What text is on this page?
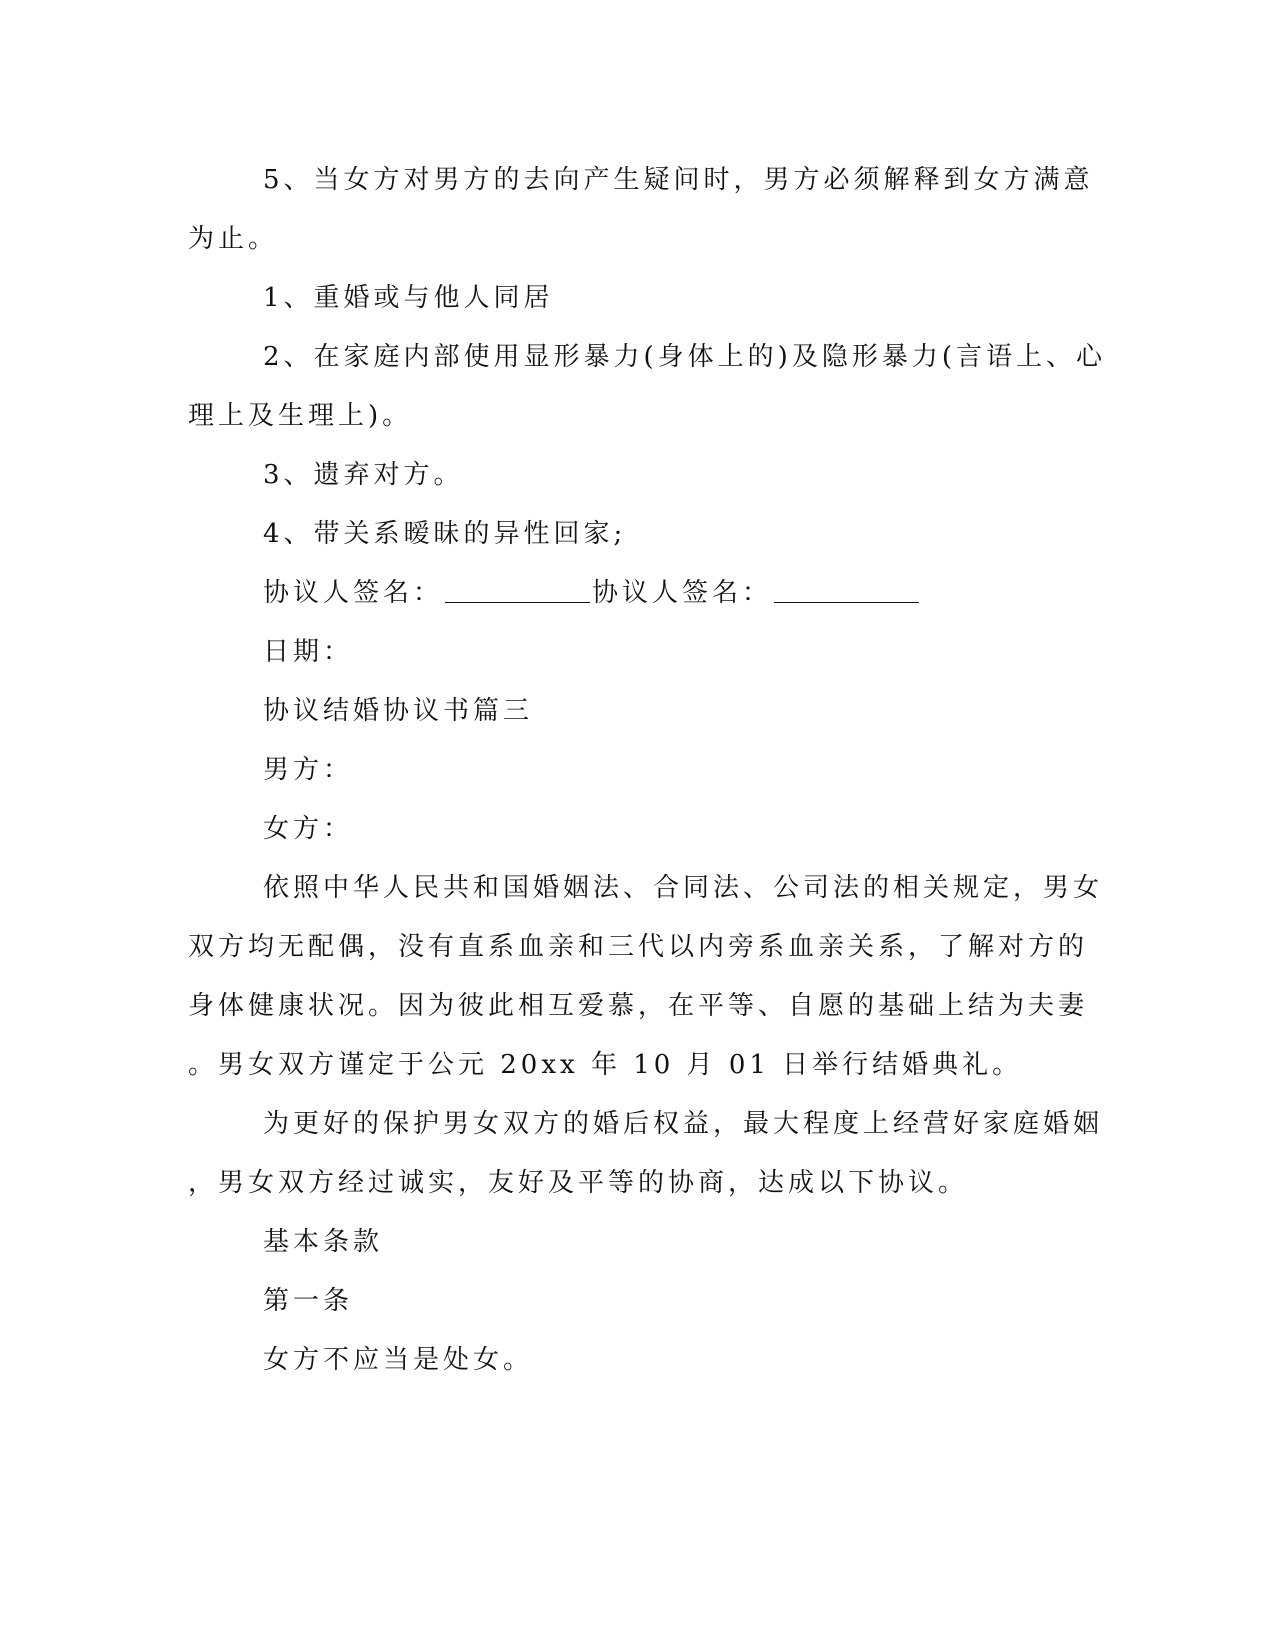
5、当女方对男方的去向产生疑问时，男方必须解释到女方满意
为止。
1、重婚或与他人同居
2、在家庭内部使用显形暴力(身体上的)及隐形暴力(言语上、心
理上及生理上)。
3、遗弃对方。
4、带关系暧昧的异性回家;
协议人签名：	协议人签名：
日期：
协议结婚协议书篇三
男方：
女方：
依照中华人民共和国婚姻法、合同法、公司法的相关规定，男女
双方均无配偶，没有直系血亲和三代以内旁系血亲关系，了解对方的
身体健康状况。因为彼此相互爱慕，在平等、自愿的基础上结为夫妻
。男女双方谨定于公元 20xx 年 10 月 01 日举行结婚典礼。
为更好的保护男女双方的婚后权益，最大程度上经营好家庭婚姻
，男女双方经过诚实，友好及平等的协商，达成以下协议。
基本条款
第一条
女方不应当是处女。
